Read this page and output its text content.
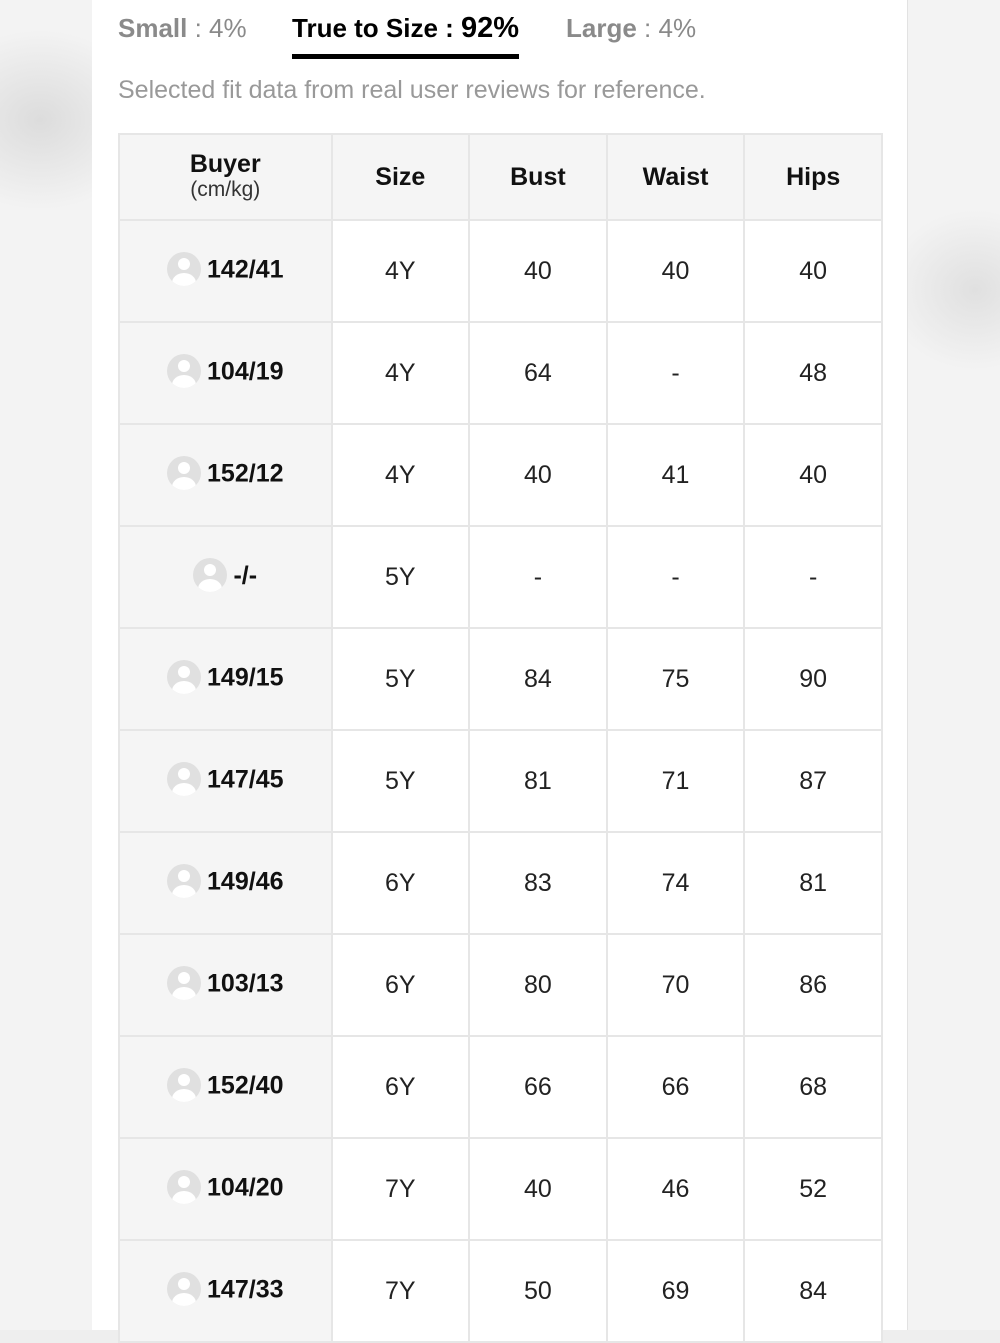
Small : 4% True to Size : 92% Large : 4%
Selected fit data from real user reviews for reference.
Buyer
(cm/kg)	Size	Bust	Waist	Hips
142/41	4Y	40	40	40
104/19	4Y	64	-	48
152/12	4Y	40	41	40
-/-	5Y	-	-	-
149/15	5Y	84	75	90
147/45	5Y	81	71	87
149/46	6Y	83	74	81
103/13	6Y	80	70	86
152/40	6Y	66	66	68
104/20	7Y	40	46	52
147/33	7Y	50	69	84
